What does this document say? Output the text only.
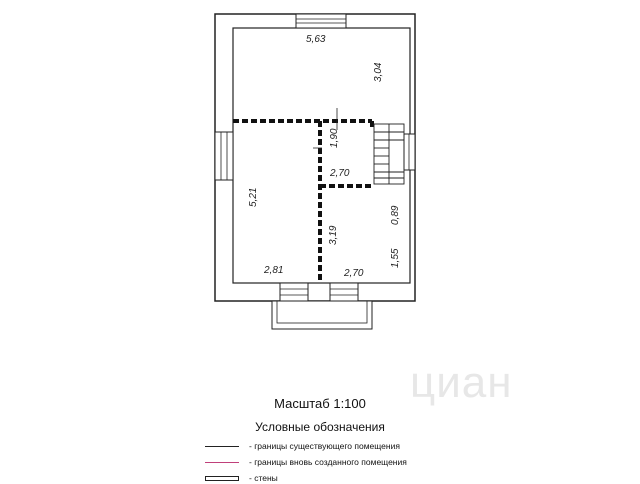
5,63
3,04
5,21
2,81
1,90
2,70
3,19
2,70
0,89
1,55
циан
Масштаб 1:100
Условные обозначения
- границы существующего помещения
- границы вновь созданного помещения
- стены
